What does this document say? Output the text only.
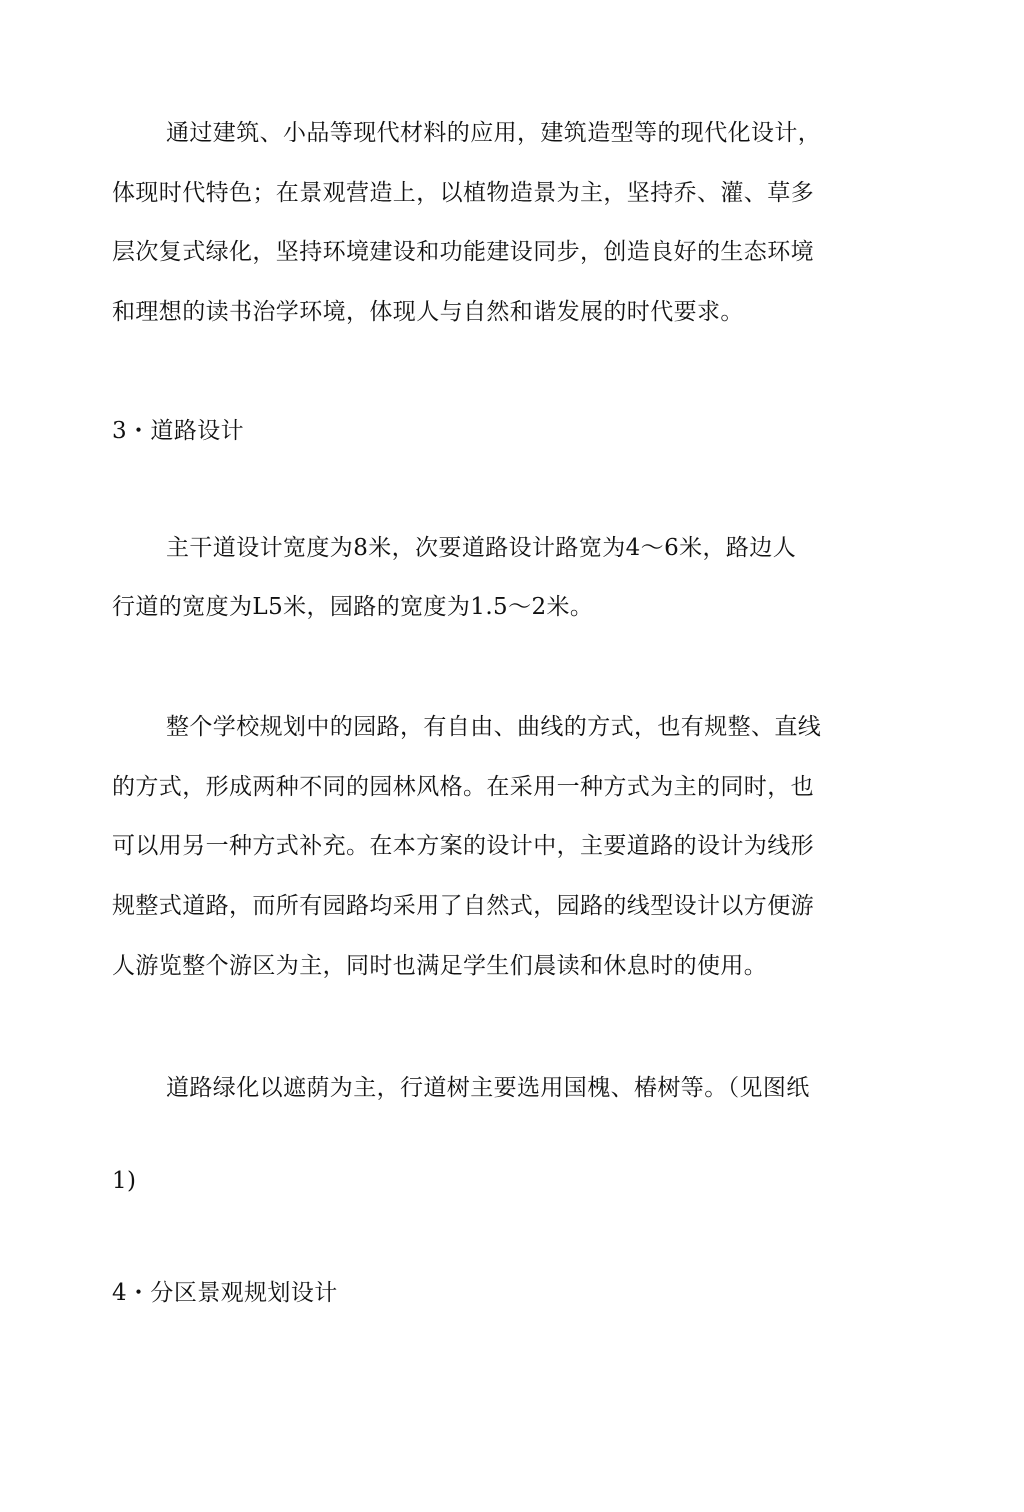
通过建筑、小品等现代材料的应用，建筑造型等的现代化设计，
体现时代特色；在景观营造上，以植物造景为主，坚持乔、灌、草多
层次复式绿化，坚持环境建设和功能建设同步，创造良好的生态环境
和理想的读书治学环境，体现人与自然和谐发展的时代要求。
3・道路设计
主干道设计宽度为8米，次要道路设计路宽为4～6米，路边人
行道的宽度为L5米，园路的宽度为1.5～2米。
整个学校规划中的园路，有自由、曲线的方式，也有规整、直线
的方式，形成两种不同的园林风格。在采用一种方式为主的同时，也
可以用另一种方式补充。在本方案的设计中，主要道路的设计为线形
规整式道路，而所有园路均采用了自然式，园路的线型设计以方便游
人游览整个游区为主，同时也满足学生们晨读和休息时的使用。
道路绿化以遮荫为主，行道树主要选用国槐、椿树等。（见图纸
1)
4・分区景观规划设计
